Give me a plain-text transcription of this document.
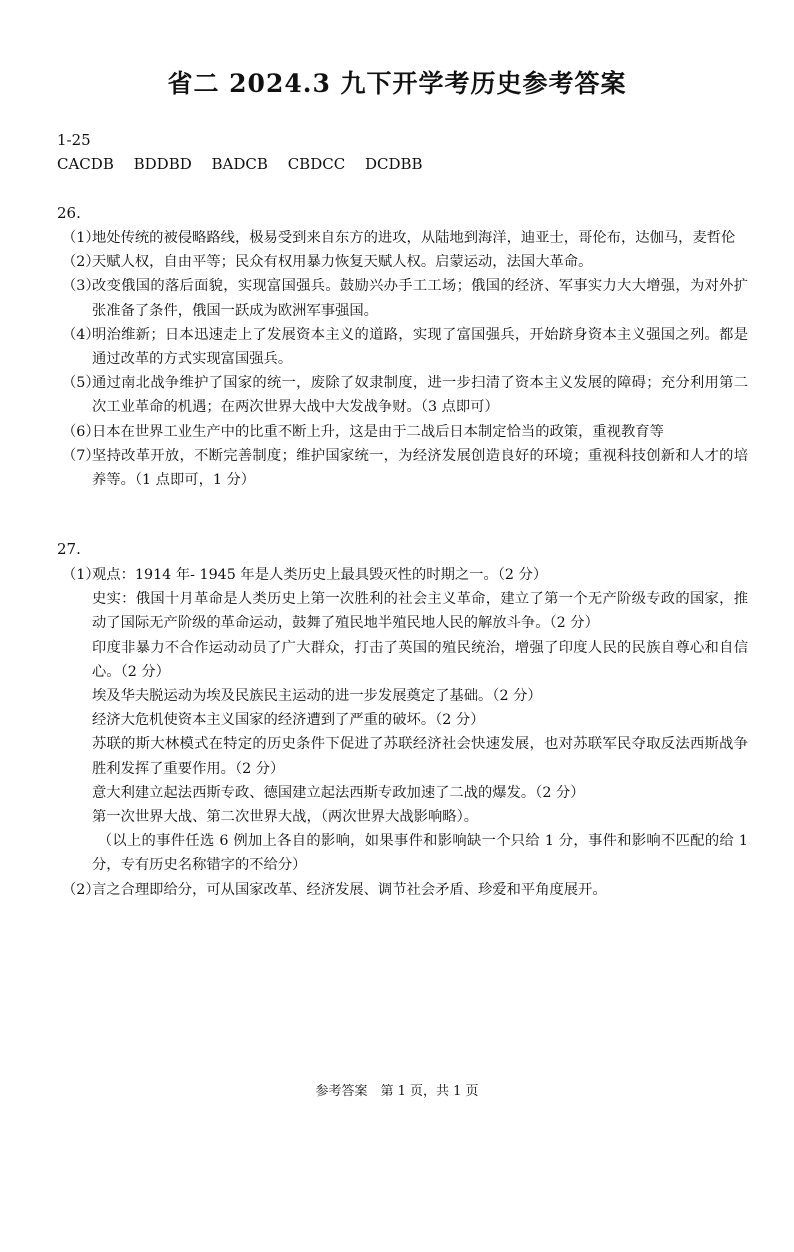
省二 2024.3 九下开学考历史参考答案
1-25
CACDB BDDBD BADCB CBDCC DCDBB
26.
（1）
地处传统的被侵略路线，极易受到来自东方的进攻，从陆地到海洋，迪亚士，哥伦布，达伽马，麦哲伦
（2）
天赋人权，自由平等；民众有权用暴力恢复天赋人权。启蒙运动，法国大革命。
（3）
改变俄国的落后面貌，实现富国强兵。鼓励兴办手工工场；俄国的经济、军事实力大大增强，为对外扩张准备了条件，俄国一跃成为欧洲军事强国。
（4）
明治维新；日本迅速走上了发展资本主义的道路，实现了富国强兵，开始跻身资本主义强国之列。都是通过改革的方式实现富国强兵。
（5）
通过南北战争维护了国家的统一，废除了奴隶制度，进一步扫清了资本主义发展的障碍；充分利用第二次工业革命的机遇；在两次世界大战中大发战争财。（3 点即可）
（6）
日本在世界工业生产中的比重不断上升，这是由于二战后日本制定恰当的政策，重视教育等
（7）
坚持改革开放，不断完善制度；维护国家统一，为经济发展创造良好的环境；重视科技创新和人才的培养等。（1 点即可，1 分）
27.
（1）
观点：1914 年- 1945 年是人类历史上最具毁灭性的时期之一。（2 分）
史实：俄国十月革命是人类历史上第一次胜利的社会主义革命，建立了第一个无产阶级专政的国家，推动了国际无产阶级的革命运动，鼓舞了殖民地半殖民地人民的解放斗争。（2 分）
印度非暴力不合作运动动员了广大群众，打击了英国的殖民统治，增强了印度人民的民族自尊心和自信心。（2 分）
埃及华夫脱运动为埃及民族民主运动的进一步发展奠定了基础。（2 分）
经济大危机使资本主义国家的经济遭到了严重的破坏。（2 分）
苏联的斯大林模式在特定的历史条件下促进了苏联经济社会快速发展，也对苏联军民夺取反法西斯战争胜利发挥了重要作用。（2 分）
意大利建立起法西斯专政、德国建立起法西斯专政加速了二战的爆发。（2 分）
第一次世界大战、第二次世界大战，（两次世界大战影响略）。
（以上的事件任选 6 例加上各自的影响，如果事件和影响缺一个只给 1 分，事件和影响不匹配的给 1 分，专有历史名称错字的不给分）
（2）
言之合理即给分，可从国家改革、经济发展、调节社会矛盾、珍爱和平角度展开。
参考答案　第 1 页，共 1 页
